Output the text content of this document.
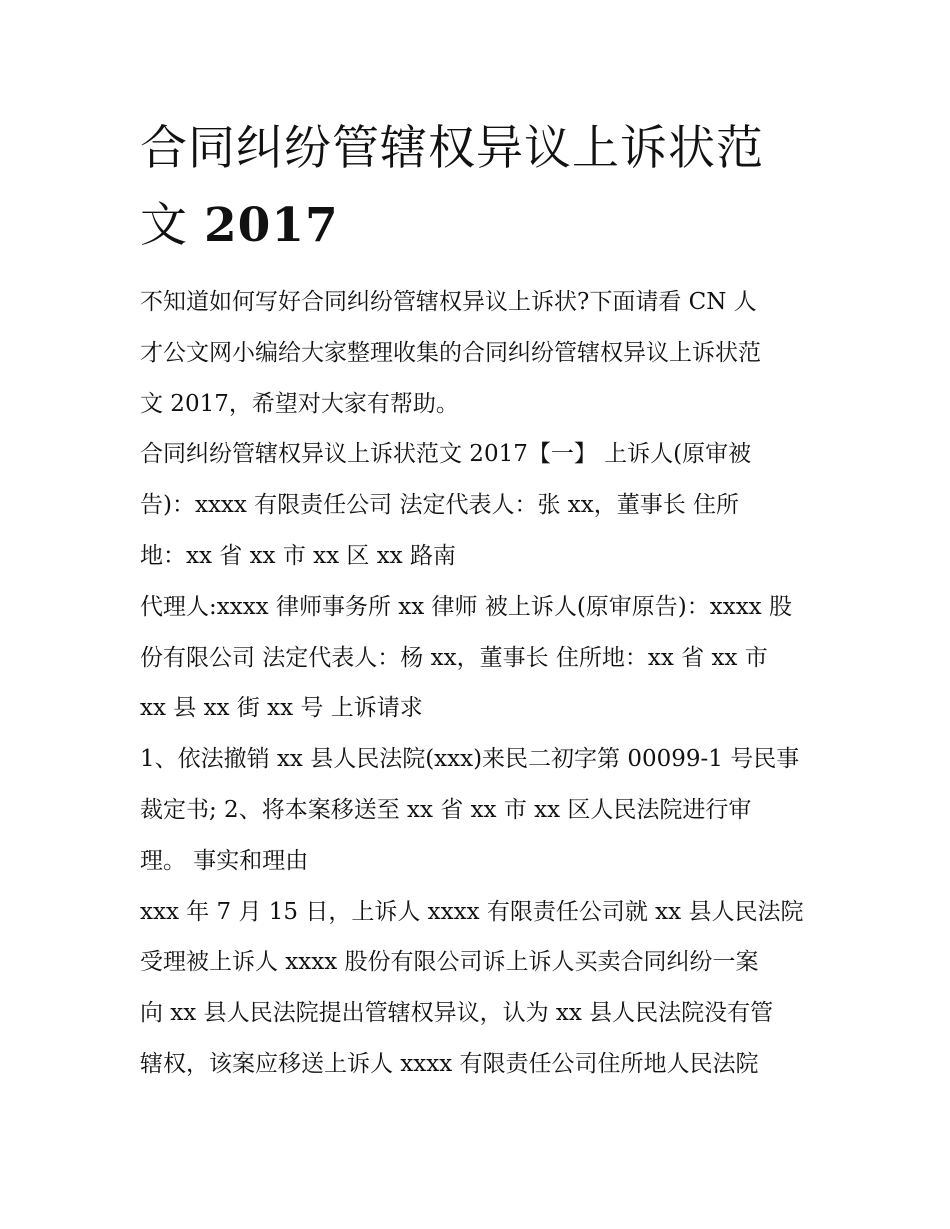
合同纠纷管辖权异议上诉状范
文 2017
不知道如何写好合同纠纷管辖权异议上诉状?下面请看 CN 人
才公文网小编给大家整理收集的合同纠纷管辖权异议上诉状范
文 2017，希望对大家有帮助。
合同纠纷管辖权异议上诉状范文 2017【一】 上诉人(原审被
告)：xxxx 有限责任公司 法定代表人：张 xx，董事长 住所
地：xx 省 xx 市 xx 区 xx 路南
代理人:xxxx 律师事务所 xx 律师 被上诉人(原审原告)：xxxx 股
份有限公司 法定代表人：杨 xx，董事长 住所地：xx 省 xx 市
xx 县 xx 街 xx 号 上诉请求
1、依法撤销 xx 县人民法院(xxx)来民二初字第 00099-1 号民事
裁定书; 2、将本案移送至 xx 省 xx 市 xx 区人民法院进行审
理。 事实和理由
xxx 年 7 月 15 日，上诉人 xxxx 有限责任公司就 xx 县人民法院
受理被上诉人 xxxx 股份有限公司诉上诉人买卖合同纠纷一案
向 xx 县人民法院提出管辖权异议，认为 xx 县人民法院没有管
辖权，该案应移送上诉人 xxxx 有限责任公司住所地人民法院
